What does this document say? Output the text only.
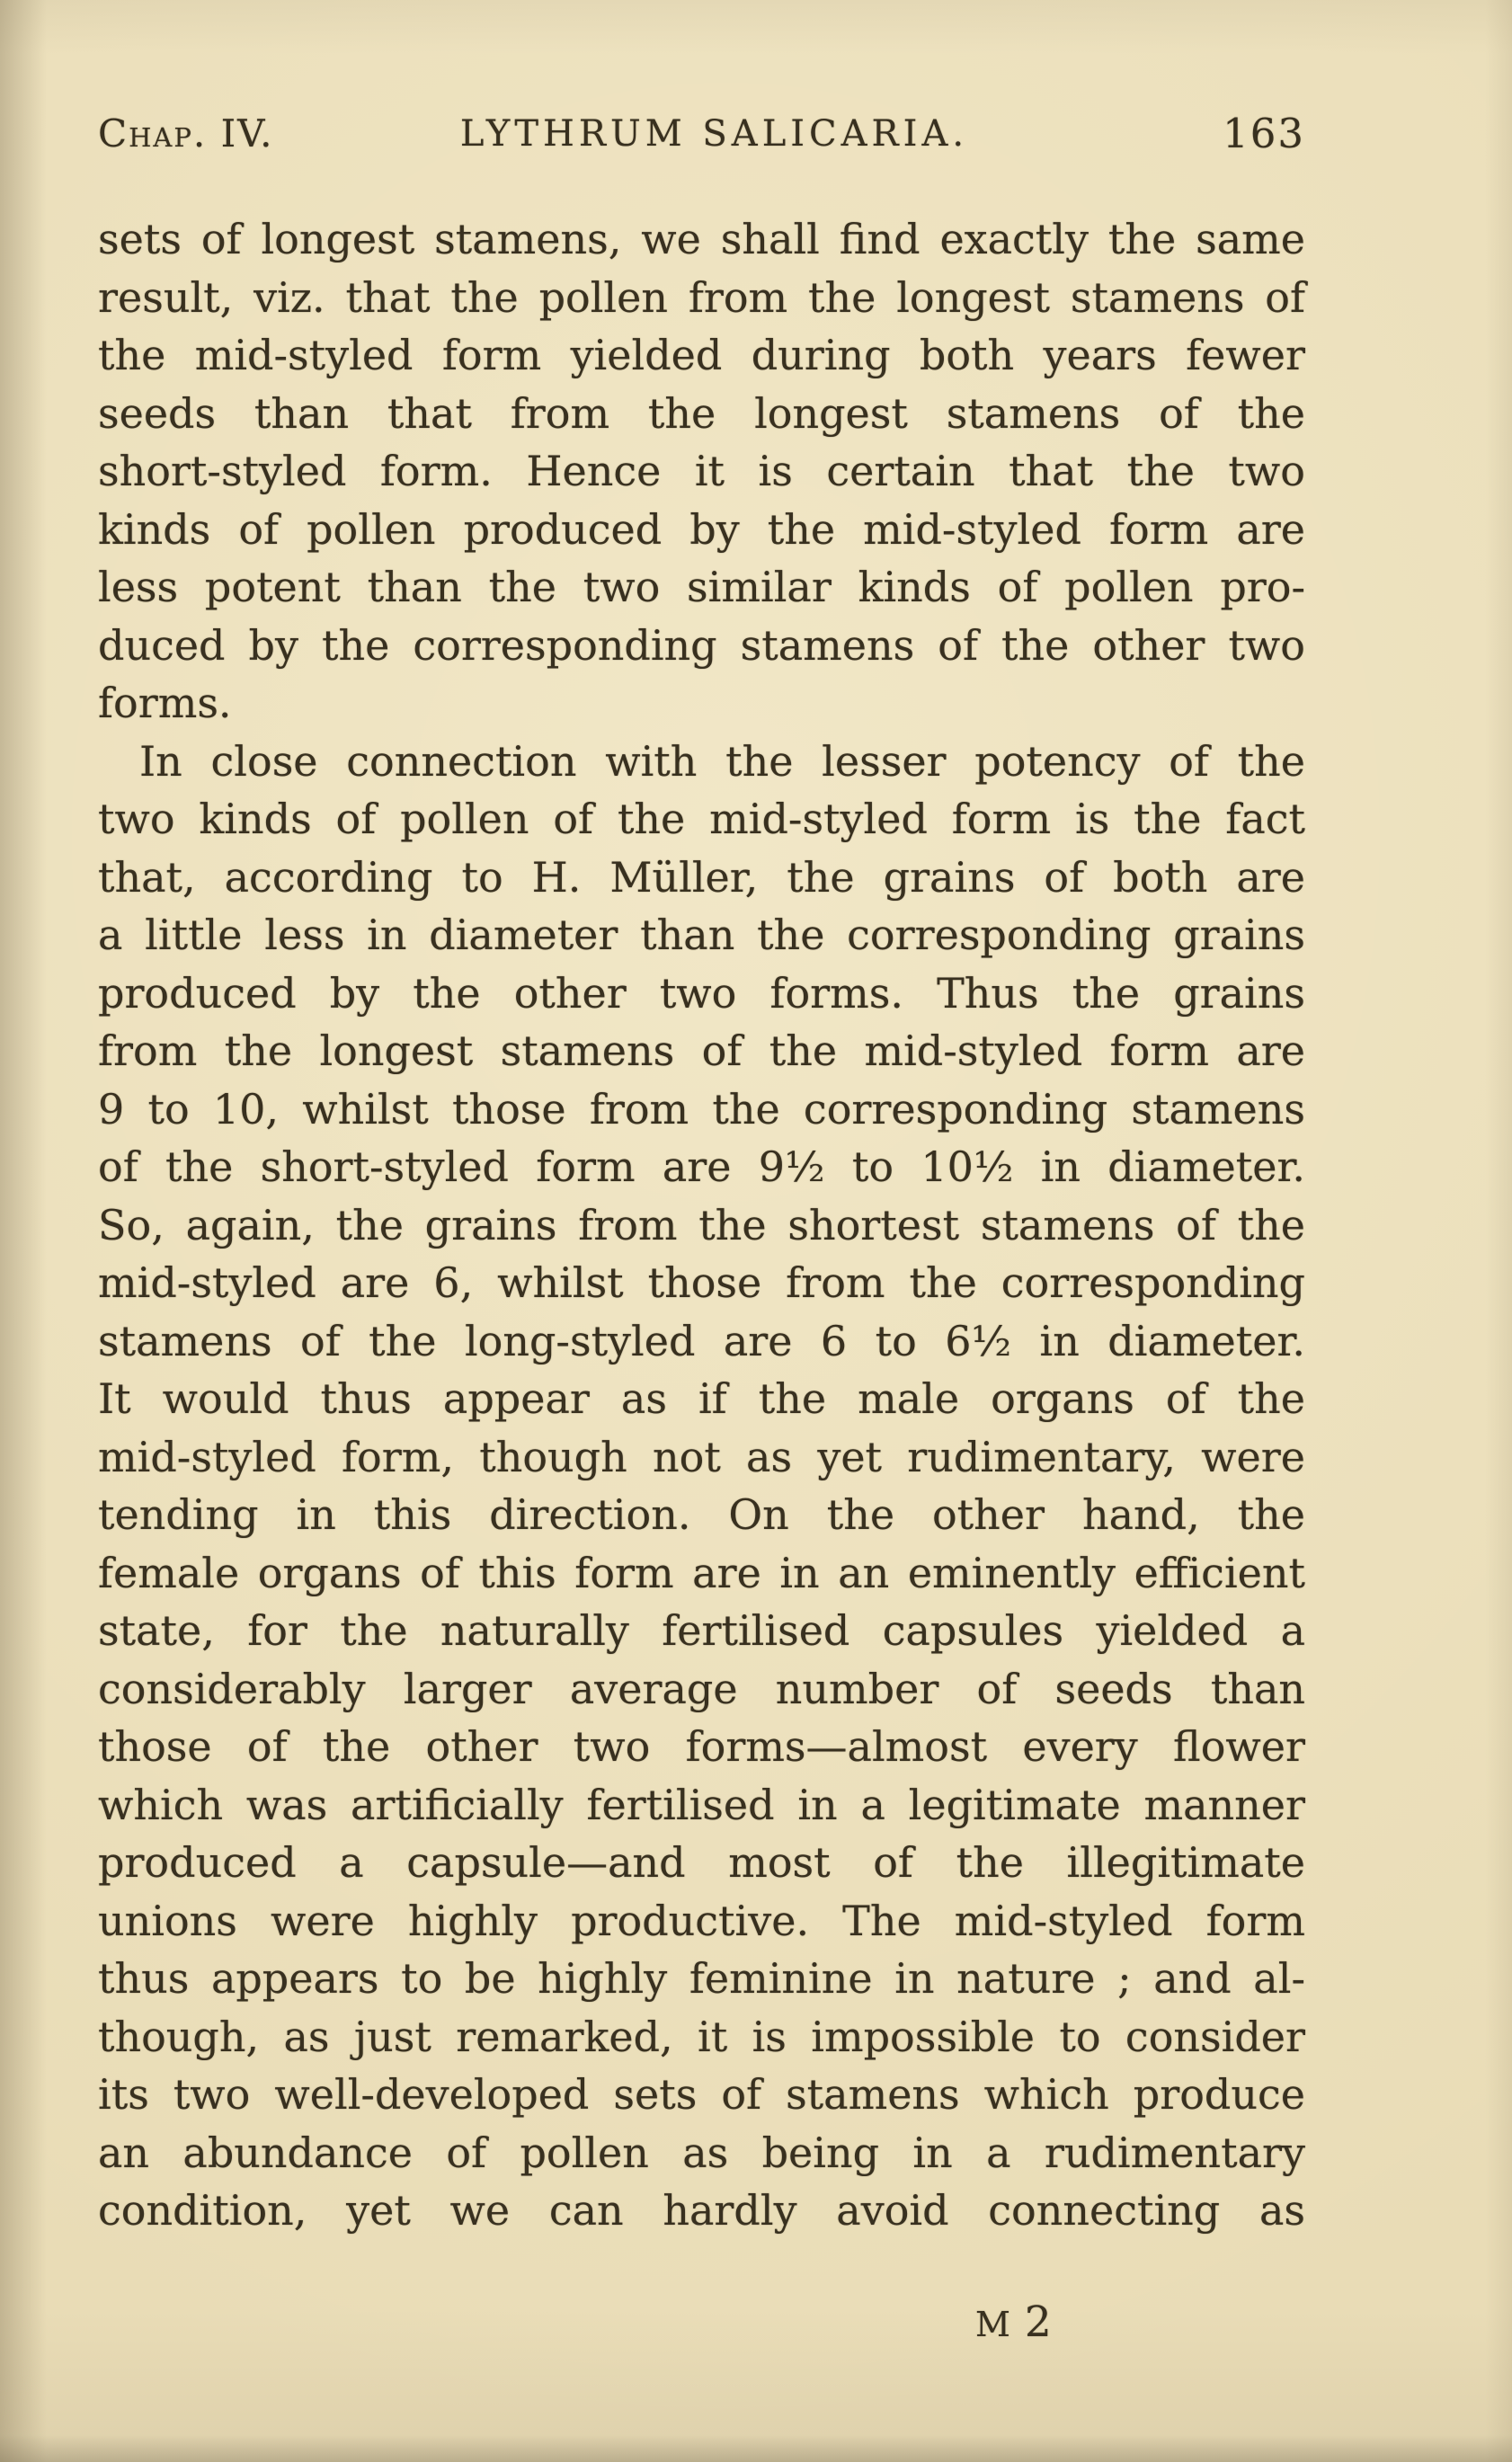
Chap. IV.	LYTHRUM SALICARIA.	163
sets of longest stamens, we shall find exactly the same
result, viz. that the pollen from the longest stamens of
the mid-styled form yielded during both years fewer
seeds than that from the longest stamens of the
short-styled form. Hence it is certain that the two
kinds of pollen produced by the mid-styled form are
less potent than the two similar kinds of pollen pro-
duced by the corresponding stamens of the other two
forms.
In close connection with the lesser potency of the
two kinds of pollen of the mid-styled form is the fact
that, according to H. Müller, the grains of both are
a little less in diameter than the corresponding grains
produced by the other two forms. Thus the grains
from the longest stamens of the mid-styled form are
9 to 10, whilst those from the corresponding stamens
of the short-styled form are 9½ to 10½ in diameter.
So, again, the grains from the shortest stamens of the
mid-styled are 6, whilst those from the corresponding
stamens of the long-styled are 6 to 6½ in diameter.
It would thus appear as if the male organs of the
mid-styled form, though not as yet rudimentary, were
tending in this direction. On the other hand, the
female organs of this form are in an eminently efficient
state, for the naturally fertilised capsules yielded a
considerably larger average number of seeds than
those of the other two forms—almost every flower
which was artificially fertilised in a legitimate manner
produced a capsule—and most of the illegitimate
unions were highly productive. The mid-styled form
thus appears to be highly feminine in nature ; and al-
though, as just remarked, it is impossible to consider
its two well-developed sets of stamens which produce
an abundance of pollen as being in a rudimentary
condition, yet we can hardly avoid connecting as
M 2
